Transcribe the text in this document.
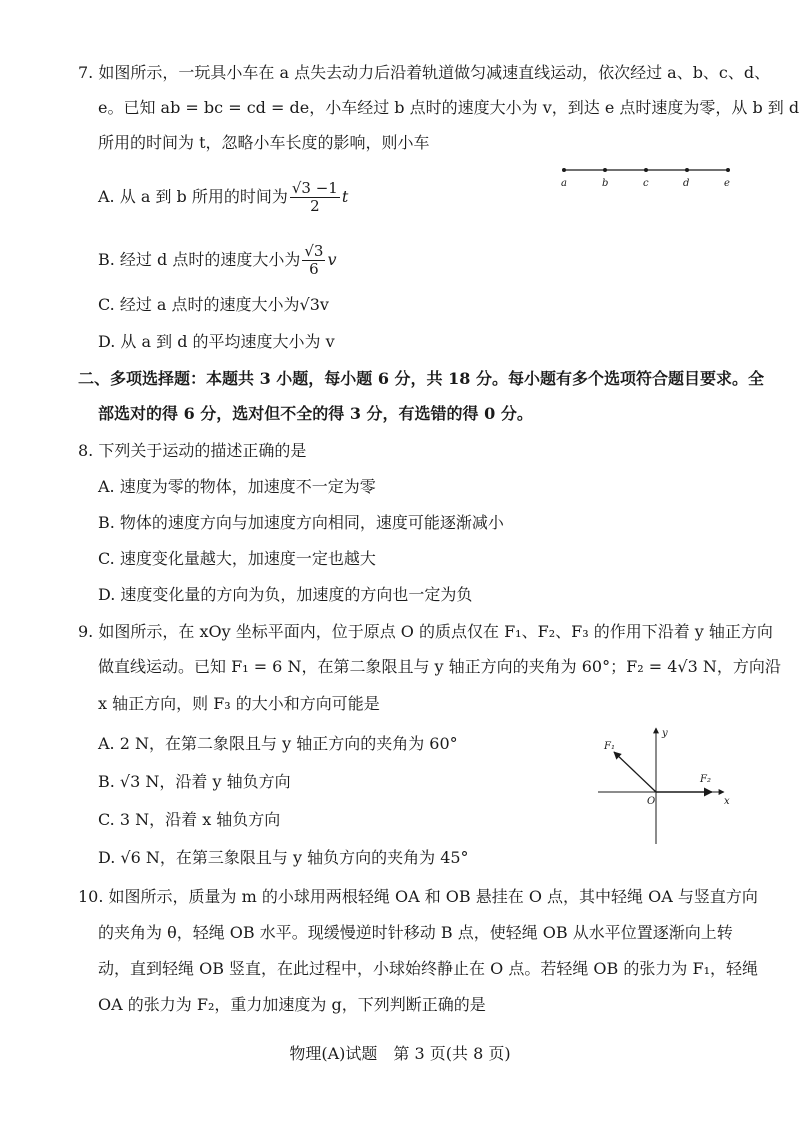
7. 如图所示，一玩具小车在 a 点失去动力后沿着轨道做匀减速直线运动，依次经过 a、b、c、d、
e。已知 ab = bc = cd = de，小车经过 b 点时的速度大小为 v，到达 e 点时速度为零，从 b 到 d
所用的时间为 t，忽略小车长度的影响，则小车
A. 从 a 到 b 所用的时间为 $\frac{√3 -1}{2}$ t
B. 经过 d 点时的速度大小为 $\frac{√3}{6}$ v
C. 经过 a 点时的速度大小为√3v
D. 从 a 到 d 的平均速度大小为 v
a	b	c	d	e
二、多项选择题：本题共 3 小题，每小题 6 分，共 18 分。每小题有多个选项符合题目要求。全
部选对的得 6 分，选对但不全的得 3 分，有选错的得 0 分。
8. 下列关于运动的描述正确的是
A. 速度为零的物体，加速度不一定为零
B. 物体的速度方向与加速度方向相同，速度可能逐渐减小
C. 速度变化量越大，加速度一定也越大
D. 速度变化量的方向为负，加速度的方向也一定为负
9. 如图所示，在 xOy 坐标平面内，位于原点 O 的质点仅在 F₁、F₂、F₃ 的作用下沿着 y 轴正方向
做直线运动。已知 F₁ = 6 N，在第二象限且与 y 轴正方向的夹角为 60°；F₂ = 4√3 N，方向沿
x 轴正方向，则 F₃ 的大小和方向可能是
A. 2 N，在第二象限且与 y 轴正方向的夹角为 60°
B. √3 N，沿着 y 轴负方向
C. 3 N，沿着 x 轴负方向
D. √6 N，在第三象限且与 y 轴负方向的夹角为 45°
y
x
O
F₁
F₂
10. 如图所示，质量为 m 的小球用两根轻绳 OA 和 OB 悬挂在 O 点，其中轻绳 OA 与竖直方向
的夹角为 θ，轻绳 OB 水平。现缓慢逆时针移动 B 点，使轻绳 OB 从水平位置逐渐向上转
动，直到轻绳 OB 竖直，在此过程中，小球始终静止在 O 点。若轻绳 OB 的张力为 F₁，轻绳
OA 的张力为 F₂，重力加速度为 g，下列判断正确的是
物理(A)试题　第 3 页(共 8 页)
